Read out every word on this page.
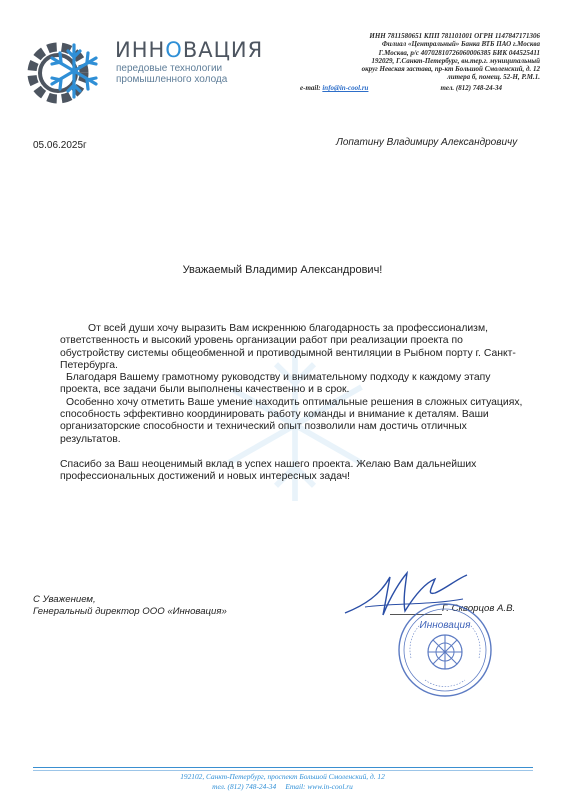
ИННОВАЦИЯ
передовые технологии
промышленного холода
ИНН 7811580651 КПП 781101001 ОГРН 1147847171306
Филиал «Центральный» Банка ВТБ ПАО г.Москва
Г.Москва, р/с 40702810726060006385 БИК 044525411
192029, Г.Санкт-Петербург, вн.тер.г. муниципальный
округ Невская застава, пр-кт Большой Смоленский, д. 12
литера б, помещ. 52-Н, Р.М.1.
e-mail: info@in-cool.ru	тел. (812) 748-24-34
05.06.2025г	Лопатину Владимиру Александровичу
Уважаемый Владимир Александрович!

От всей души хочу выразить Вам искреннюю благодарность за профессионализм, ответственность и высокий уровень организации работ при реализации проекта по обустройству системы общеобменной и противодымной вентиляции в Рыбном порту г. Санкт-Петербурга.

Благодаря Вашему грамотному руководству и внимательному подходу к каждому этапу проекта, все задачи были выполнены качественно и в срок.

Особенно хочу отметить Ваше умение находить оптимальные решения в сложных ситуациях, способность эффективно координировать работу команды и внимание к деталям. Ваши организаторские способности и технический опыт позволили нам достичь отличных результатов.

Спасибо за Ваш неоценимый вклад в успех нашего проекта. Желаю Вам дальнейших профессиональных достижений и новых интересных задач!

С Уважением,
Генеральный директор ООО «Инновация»	Г. Скворцов А.В.
Инновация
192102, Санкт-Петербург, проспект Большой Смоленский, д. 12
тел. (812) 748-24-34     Email: www.in-cool.ru
